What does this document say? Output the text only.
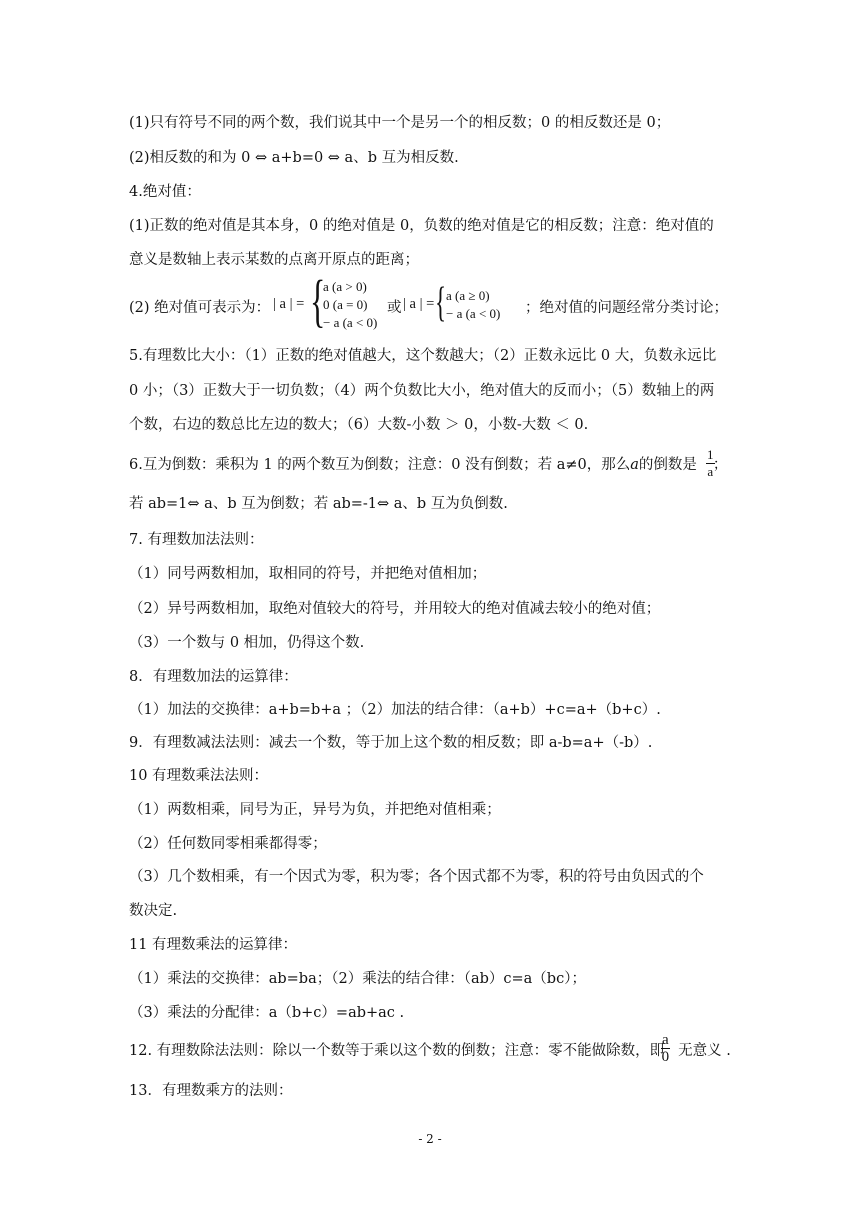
(1)只有符号不同的两个数，我们说其中一个是另一个的相反数；0 的相反数还是 0；
(2)相反数的和为 0 ⇔ a+b=0 ⇔ a、b 互为相反数.
4.绝对值：
(1)正数的绝对值是其本身，0 的绝对值是 0，负数的绝对值是它的相反数；注意：绝对值的
意义是数轴上表示某数的点离开原点的距离；
(2) 绝对值可表示为： | a | = {
a (a > 0)
0 (a = 0)
− a (a < 0)
或 | a | = { a (a ≥ 0)
− a (a < 0) ；绝对值的问题经常分类讨论；
5.有理数比大小：（1）正数的绝对值越大，这个数越大；（2）正数永远比 0 大，负数永远比
0 小；（3）正数大于一切负数；（4）两个负数比大小，绝对值大的反而小；（5）数轴上的两
个数，右边的数总比左边的数大；（6）大数-小数 ＞ 0，小数-大数 ＜ 0.
6.互为倒数：乘积为 1 的两个数互为倒数；注意：0 没有倒数；若 a≠0，那么a的倒数是 ；
$\frac{1}{a}$
若 ab=1⇔ a、b 互为倒数；若 ab=-1⇔ a、b 互为负倒数.
7. 有理数加法法则：
（1）同号两数相加，取相同的符号，并把绝对值相加；
（2）异号两数相加，取绝对值较大的符号，并用较大的绝对值减去较小的绝对值；
（3）一个数与 0 相加，仍得这个数.
8．有理数加法的运算律：
（1）加法的交换律：a+b=b+a ；（2）加法的结合律：（a+b）+c=a+（b+c）.
9．有理数减法法则：减去一个数，等于加上这个数的相反数；即 a-b=a+（-b）.
10 有理数乘法法则：
（1）两数相乘，同号为正，异号为负，并把绝对值相乘；
（2）任何数同零相乘都得零；
（3）几个数相乘，有一个因式为零，积为零；各个因式都不为零，积的符号由负因式的个
数决定.
11 有理数乘法的运算律：
（1）乘法的交换律：ab=ba；（2）乘法的结合律：（ab）c=a（bc）；
（3）乘法的分配律：a（b+c）=ab+ac .
12. 有理数除法法则：除以一个数等于乘以这个数的倒数；注意：零不能做除数，即 无意义 .
$\frac{a}{0}$
13．有理数乘方的法则：
- 2 -
